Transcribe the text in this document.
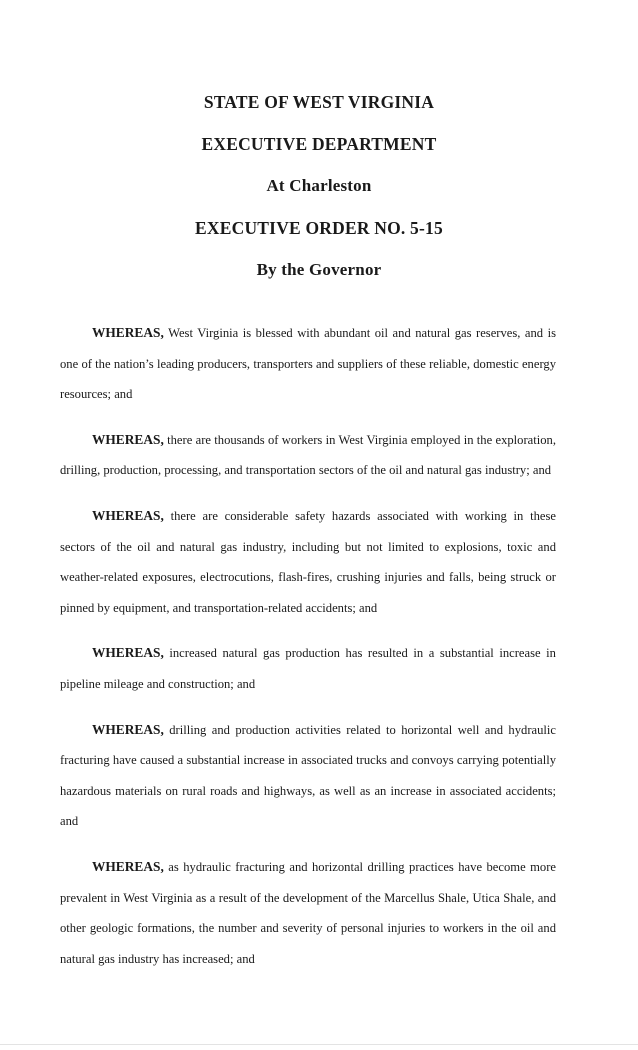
STATE OF WEST VIRGINIA
EXECUTIVE DEPARTMENT
At Charleston
EXECUTIVE ORDER NO. 5-15
By the Governor

WHEREAS, West Virginia is blessed with abundant oil and natural gas reserves, and is one of the nation’s leading producers, transporters and suppliers of these reliable, domestic energy resources; and

WHEREAS, there are thousands of workers in West Virginia employed in the exploration, drilling, production, processing, and transportation sectors of the oil and natural gas industry; and

WHEREAS, there are considerable safety hazards associated with working in these sectors of the oil and natural gas industry, including but not limited to explosions, toxic and weather-related exposures, electrocutions, flash-fires, crushing injuries and falls, being struck or pinned by equipment, and transportation-related accidents; and

WHEREAS, increased natural gas production has resulted in a substantial increase in pipeline mileage and construction; and

WHEREAS, drilling and production activities related to horizontal well and hydraulic fracturing have caused a substantial increase in associated trucks and convoys carrying potentially hazardous materials on rural roads and highways, as well as an increase in associated accidents; and

WHEREAS, as hydraulic fracturing and horizontal drilling practices have become more prevalent in West Virginia as a result of the development of the Marcellus Shale, Utica Shale, and other geologic formations, the number and severity of personal injuries to workers in the oil and natural gas industry has increased; and
